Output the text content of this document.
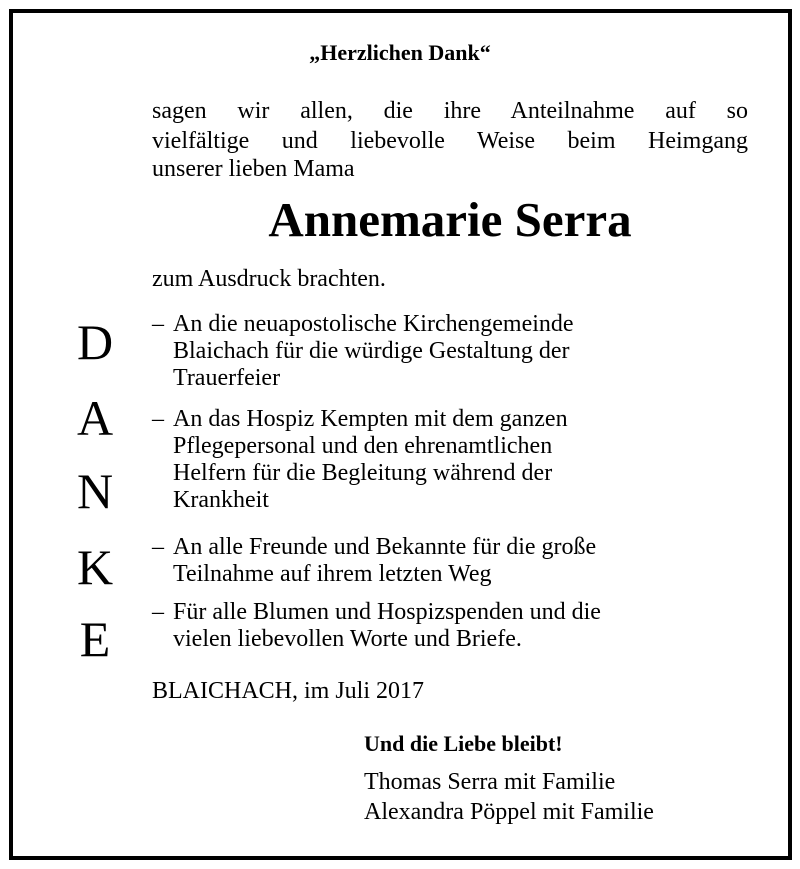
„Herzlichen Dank“
sagen wir allen, die ihre Anteilnahme auf so
vielfältige und liebevolle Weise beim Heimgang
unserer lieben Mama
Annemarie Serra
zum Ausdruck brachten.
D
A
N
K
E
– An die neuapostolische Kirchengemeinde
Blaichach für die würdige Gestaltung der
Trauerfeier
– An das Hospiz Kempten mit dem ganzen
Pflegepersonal und den ehrenamtlichen
Helfern für die Begleitung während der
Krankheit
– An alle Freunde und Bekannte für die große
Teilnahme auf ihrem letzten Weg
– Für alle Blumen und Hospizspenden und die
vielen liebevollen Worte und Briefe.
BLAICHACH, im Juli 2017
Und die Liebe bleibt!
Thomas Serra mit Familie
Alexandra Pöppel mit Familie
